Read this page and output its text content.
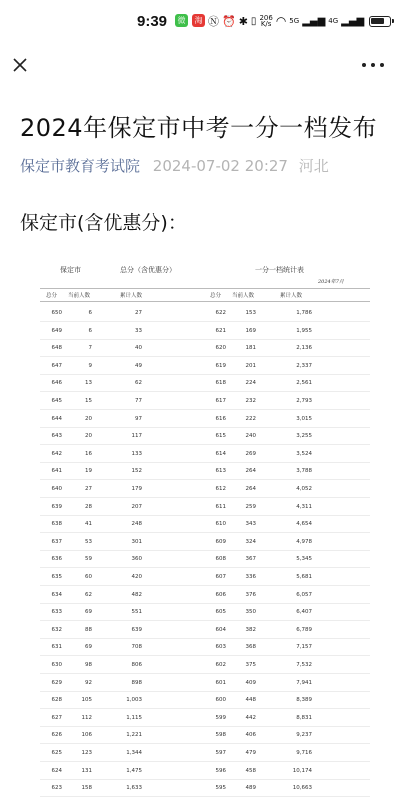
9:39	微	淘 Ⓝ ⏰ ✱ ▯ 206
K/s ◠ 5G ▂▄▆ 4G ▂▄▆
2024年保定市中考一分一档发布
保定市教育考试院 2024-07-02 20:27 河北
保定市(含优惠分)：
保定市	总分（含优惠分）	一分一档统计表
2024年7月
总分 当前人数	累计人数	总分 当前人数	累计人数
650	6	27	622	153	1,786
649	6	33	621	169	1,955
648	7	40	620	181	2,136
647	9	49	619	201	2,337
646	13	62	618	224	2,561
645	15	77	617	232	2,793
644	20	97	616	222	3,015
643	20	117	615	240	3,255
642	16	133	614	269	3,524
641	19	152	613	264	3,788
640	27	179	612	264	4,052
639	28	207	611	259	4,311
638	41	248	610	343	4,654
637	53	301	609	324	4,978
636	59	360	608	367	5,345
635	60	420	607	336	5,681
634	62	482	606	376	6,057
633	69	551	605	350	6,407
632	88	639	604	382	6,789
631	69	708	603	368	7,157
630	98	806	602	375	7,532
629	92	898	601	409	7,941
628	105	1,003	600	448	8,389
627	112	1,115	599	442	8,831
626	106	1,221	598	406	9,237
625	123	1,344	597	479	9,716
624	131	1,475	596	458	10,174
623	158	1,633	595	489	10,663
